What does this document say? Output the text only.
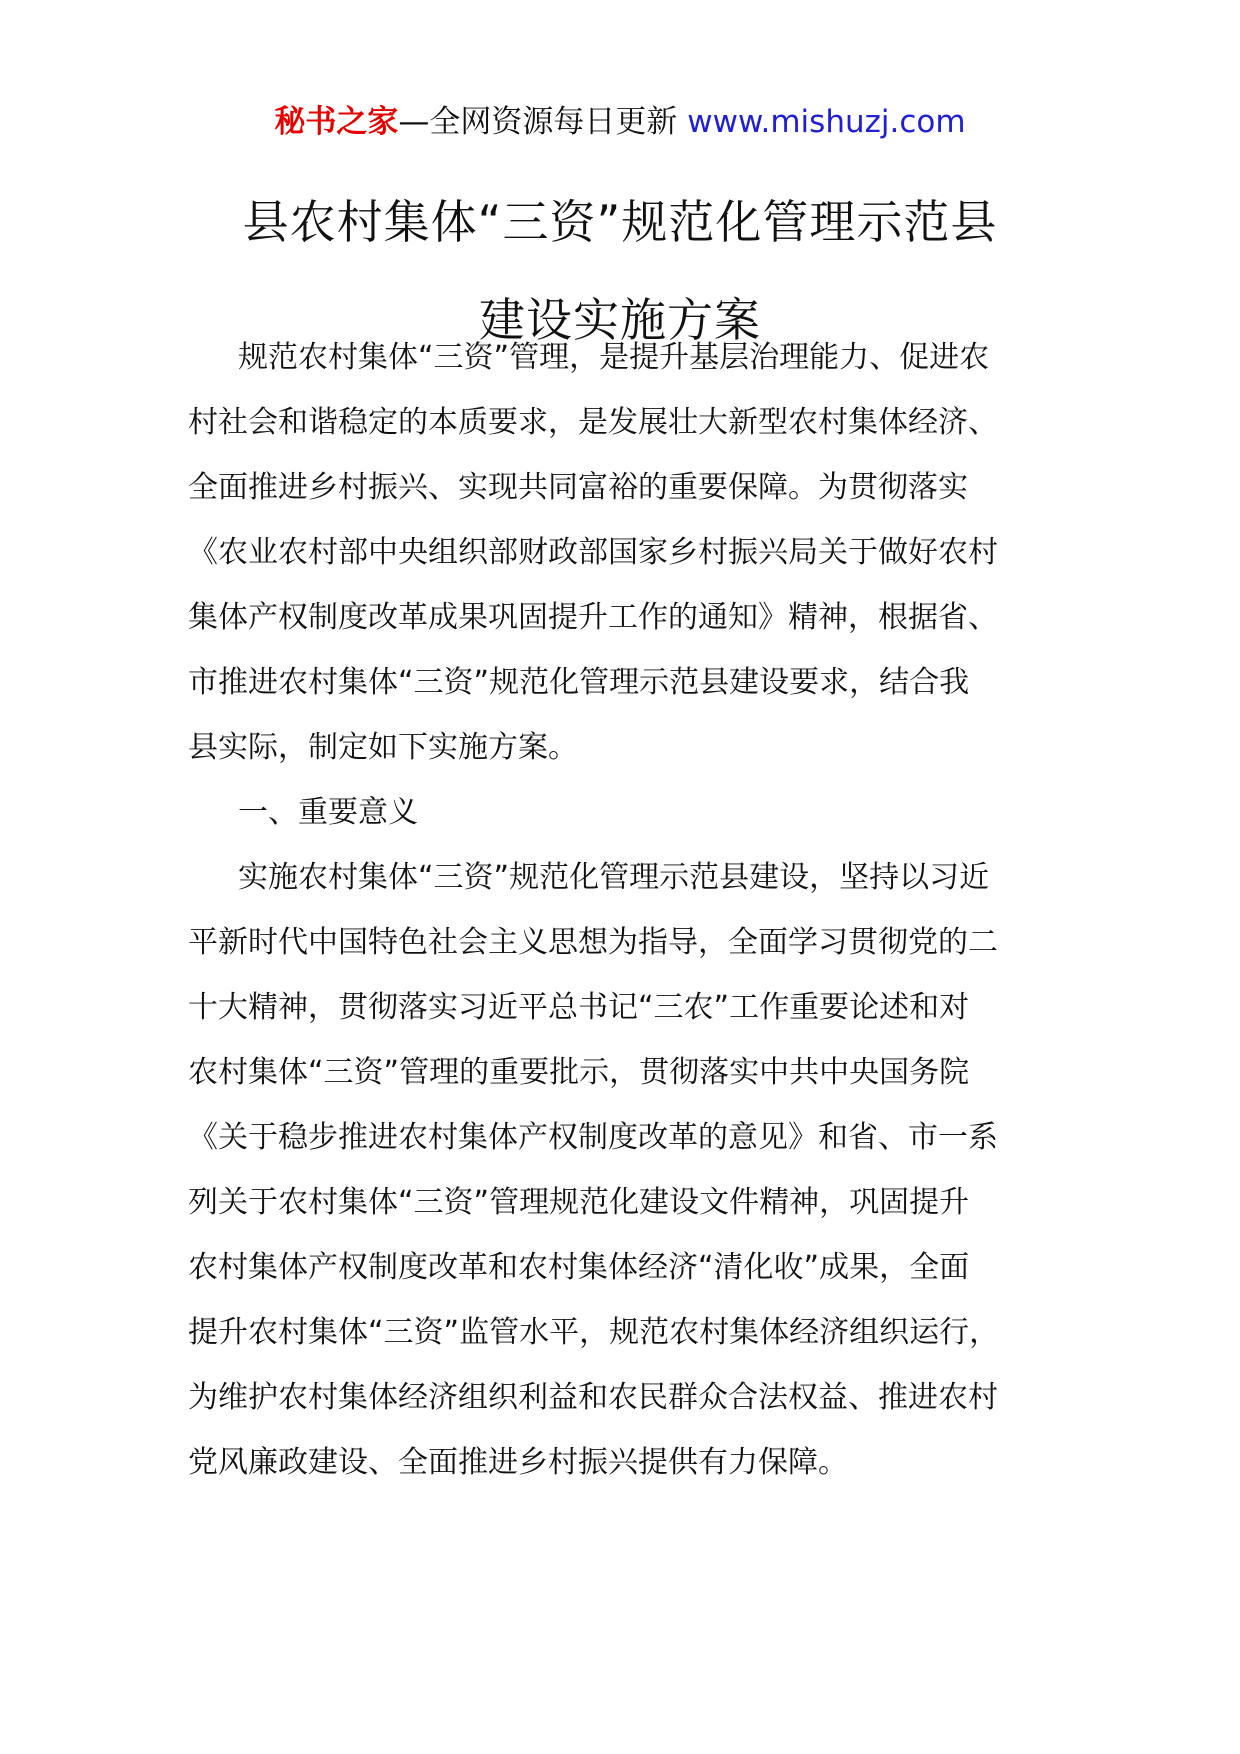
秘书之家—全网资源每日更新 www.mishuzj.com
县农村集体“三资”规范化管理示范县
建设实施方案
规范农村集体“三资”管理，是提升基层治理能力、促进农
村社会和谐稳定的本质要求，是发展壮大新型农村集体经济、
全面推进乡村振兴、实现共同富裕的重要保障。为贯彻落实
《农业农村部中央组织部财政部国家乡村振兴局关于做好农村
集体产权制度改革成果巩固提升工作的通知》精神，根据省、
市推进农村集体“三资”规范化管理示范县建设要求，结合我
县实际，制定如下实施方案。
一、重要意义
实施农村集体“三资”规范化管理示范县建设，坚持以习近
平新时代中国特色社会主义思想为指导，全面学习贯彻党的二
十大精神，贯彻落实习近平总书记“三农”工作重要论述和对
农村集体“三资”管理的重要批示，贯彻落实中共中央国务院
《关于稳步推进农村集体产权制度改革的意见》和省、市一系
列关于农村集体“三资”管理规范化建设文件精神，巩固提升
农村集体产权制度改革和农村集体经济“清化收”成果，全面
提升农村集体“三资”监管水平，规范农村集体经济组织运行，
为维护农村集体经济组织利益和农民群众合法权益、推进农村
党风廉政建设、全面推进乡村振兴提供有力保障。
